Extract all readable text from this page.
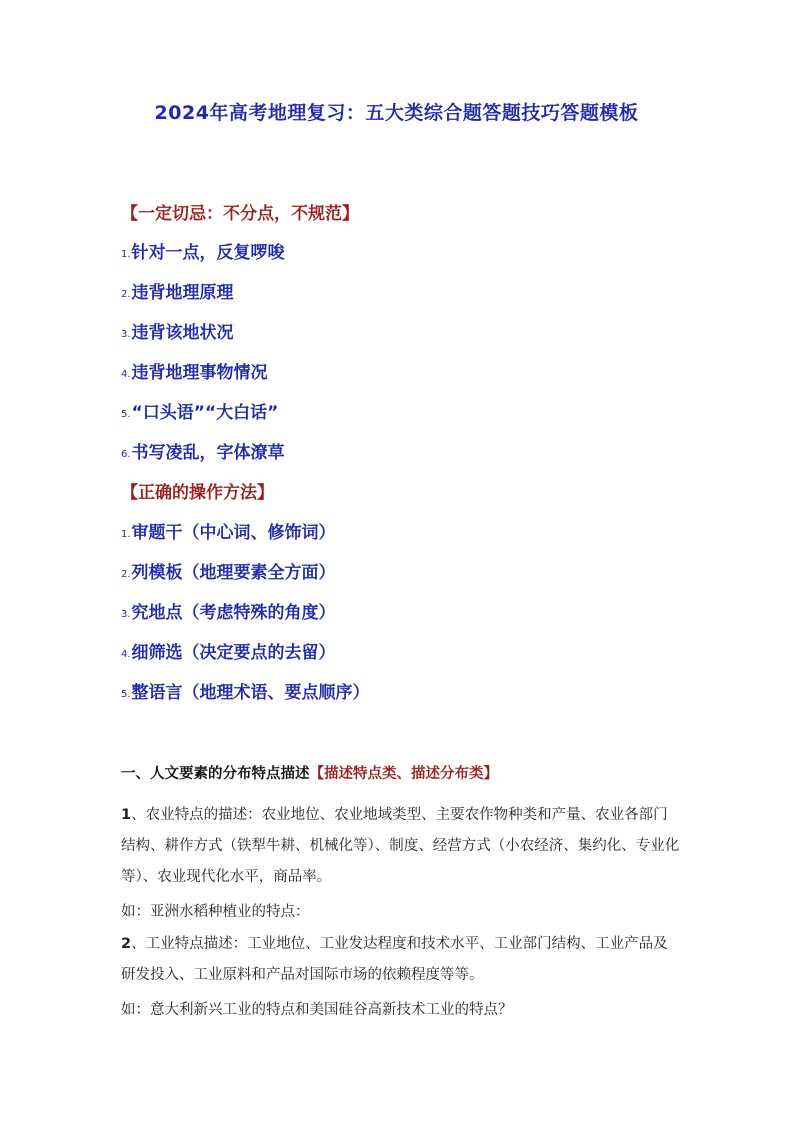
2024年高考地理复习：五大类综合题答题技巧答题模板
【一定切忌：不分点，不规范】
1.针对一点，反复啰唆
2.违背地理原理
3.违背该地状况
4.违背地理事物情况
5.“口头语”“大白话”
6.书写凌乱，字体潦草
【正确的操作方法】
1.审题干（中心词、修饰词）
2.列模板（地理要素全方面）
3.究地点（考虑特殊的角度）
4.细筛选（决定要点的去留）
5.整语言（地理术语、要点顺序）
一、人文要素的分布特点描述【描述特点类、描述分布类】
1、农业特点的描述：农业地位、农业地域类型、主要农作物种类和产量、农业各部门结构、耕作方式（铁犁牛耕、机械化等）、制度、经营方式（小农经济、集约化、专业化等）、农业现代化水平，商品率。
如：亚洲水稻种植业的特点：
2、工业特点描述：工业地位、工业发达程度和技术水平、工业部门结构、工业产品及研发投入、工业原料和产品对国际市场的依赖程度等等。
如：意大利新兴工业的特点和美国硅谷高新技术工业的特点？
